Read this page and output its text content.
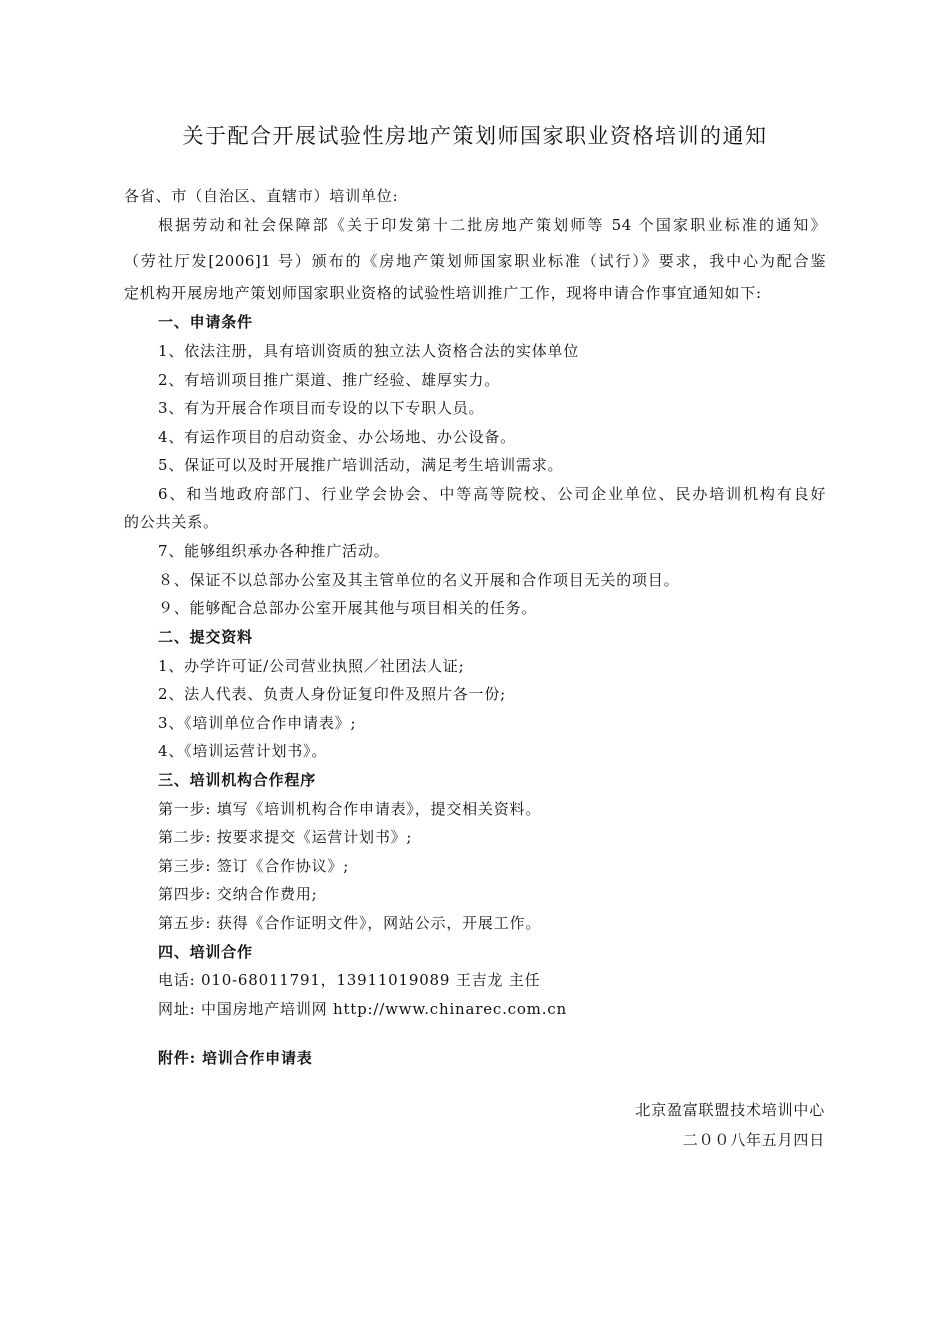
关于配合开展试验性房地产策划师国家职业资格培训的通知
各省、市（自治区、直辖市）培训单位:
根据劳动和社会保障部《关于印发第十二批房地产策划师等 54 个国家职业标准的通知》
（劳社厅发[2006]1 号）颁布的《房地产策划师国家职业标准（试行）》要求，我中心为配合鉴
定机构开展房地产策划师国家职业资格的试验性培训推广工作，现将申请合作事宜通知如下:
一、申请条件
1、依法注册，具有培训资质的独立法人资格合法的实体单位
2、有培训项目推广渠道、推广经验、雄厚实力。
3、有为开展合作项目而专设的以下专职人员。
4、有运作项目的启动资金、办公场地、办公设备。
5、保证可以及时开展推广培训活动，满足考生培训需求。
6、和当地政府部门、行业学会协会、中等高等院校、公司企业单位、民办培训机构有良好
的公共关系。
7、能够组织承办各种推广活动。
８、保证不以总部办公室及其主管单位的名义开展和合作项目无关的项目。
９、能够配合总部办公室开展其他与项目相关的任务。
二、提交资料
1、办学许可证/公司营业执照／社团法人证;
2、法人代表、负责人身份证复印件及照片各一份;
3、《培训单位合作申请表》;
4、《培训运营计划书》。
三、培训机构合作程序
第一步: 填写《培训机构合作申请表》，提交相关资料。
第二步: 按要求提交《运营计划书》;
第三步: 签订《合作协议》;
第四步: 交纳合作费用;
第五步: 获得《合作证明文件》，网站公示，开展工作。
四、培训合作
电话: 010-68011791，13911019089 王吉龙 主任
网址: 中国房地产培训网 http://www.chinarec.com.cn
附件: 培训合作申请表
北京盈富联盟技术培训中心
二００八年五月四日
